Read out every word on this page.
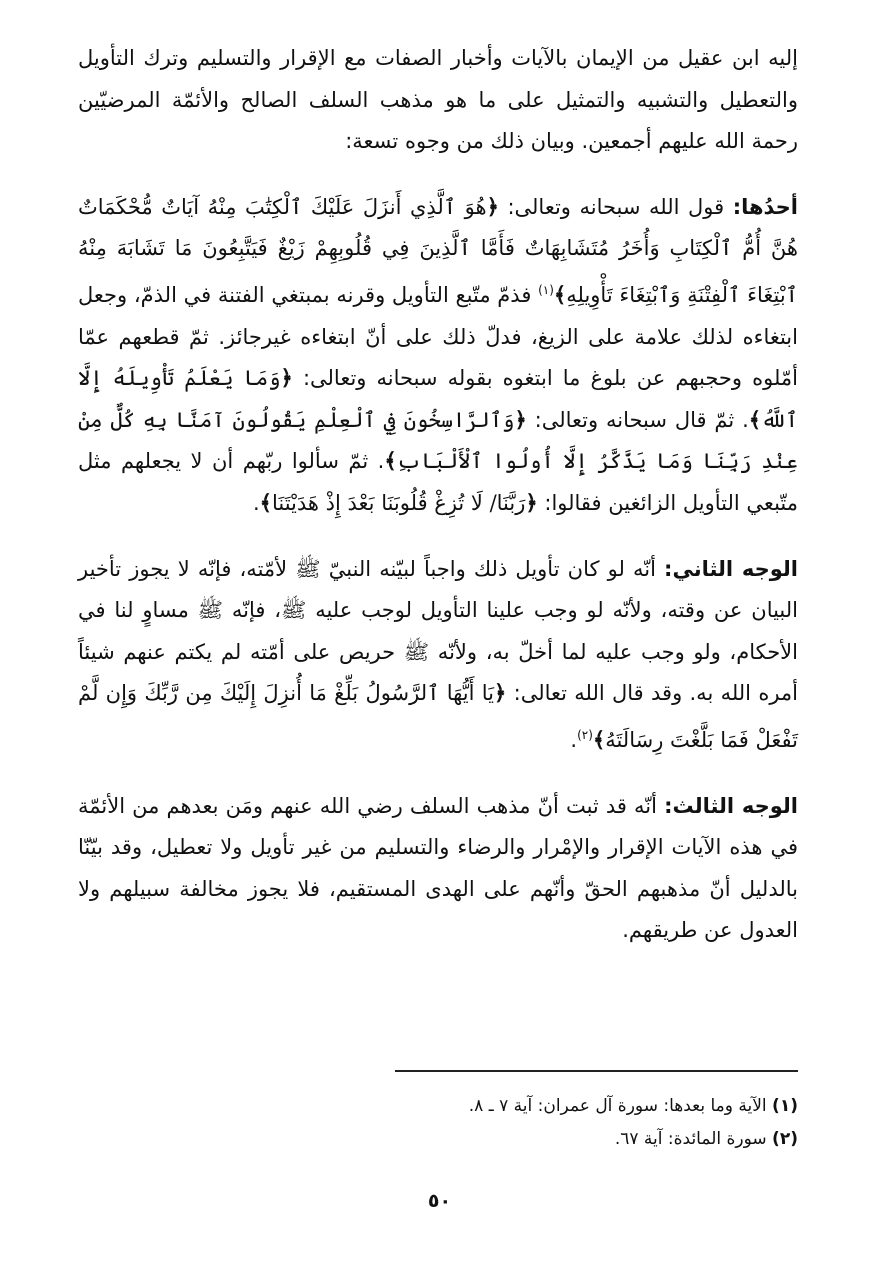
إليه ابن عقيل من الإيمان بالآيات وأخبار الصفات مع الإقرار والتسليم وترك التأويل والتعطيل والتشبيه والتمثيل على ما هو مذهب السلف الصالح والأئمّة المرضيّين رحمة الله عليهم أجمعين. وبيان ذلك من وجوه تسعة:

أحدُها: قول الله سبحانه وتعالى: ﴿هُوَ ٱلَّذِي أَنزَلَ عَلَيْكَ ٱلْكِتَٰبَ مِنْهُ آيَاتٌ مُّحْكَمَاتٌ هُنَّ أُمُّ ٱلْكِتَابِ وَأُخَرُ مُتَشَابِهَاتٌ فَأَمَّا ٱلَّذِينَ فِي قُلُوبِهِمْ زَيْغٌ فَيَتَّبِعُونَ مَا تَشَابَهَ مِنْهُ ٱبْتِغَاءَ ٱلْفِتْنَةِ وَٱبْتِغَاءَ تَأْوِيلِهِ﴾$^{(١)}$ فذمّ متّبع التأويل وقرنه بمبتغي الفتنة في الذمّ، وجعل ابتغاءه لذلك علامة على الزيغ، فدلّ ذلك على أنّ ابتغاءه غيرجائز. ثمّ قطعهم عمّا أمّلوه وحجبهم عن بلوغ ما ابتغوه بقوله سبحانه وتعالى: ﴿وَمَا يَعْلَمُ تَأْوِيلَهُ إِلَّا ٱللَّهُ﴾. ثمّ قال سبحانه وتعالى: ﴿وَٱلرَّاسِخُونَ فِي ٱلْعِلْمِ يَقُولُونَ آمَنَّا بِهِ كُلٌّ مِنْ عِنْدِ رَبِّنَا وَمَا يَذَّكَّرُ إِلَّا أُولُوا ٱلْأَلْبَابِ﴾. ثمّ سألوا ربّهم أن لا يجعلهم مثل متّبعي التأويل الزائغين فقالوا: ﴿رَبَّنَا/ لَا تُزِغْ قُلُوبَنَا بَعْدَ إِذْ هَدَيْتَنَا﴾.

الوجه الثاني: أنّه لو كان تأويل ذلك واجباً لبيّنه النبيّ ﷺ لأمّته، فإنّه لا يجوز تأخير البيان عن وقته، ولأنّه لو وجب علينا التأويل لوجب عليه ﷺ، فإنّه ﷺ مساوٍ لنا في الأحكام، ولو وجب عليه لما أخلّ به، ولأنّه ﷺ حريص على أمّته لم يكتم عنهم شيئاً أمره الله به. وقد قال الله تعالى: ﴿يَا أَيُّهَا ٱلرَّسُولُ بَلِّغْ مَا أُنزِلَ إِلَيْكَ مِن رَّبِّكَ وَإِن لَّمْ تَفْعَلْ فَمَا بَلَّغْتَ رِسَالَتَهُ﴾$^{(٢)}$.

الوجه الثالث: أنّه قد ثبت أنّ مذهب السلف رضي الله عنهم ومَن بعدهم من الأئمّة في هذه الآيات الإقرار والإمْرار والرضاء والتسليم من غير تأويل ولا تعطيل، وقد بيّنّا بالدليل أنّ مذهبهم الحقّ وأنّهم على الهدى المستقيم، فلا يجوز مخالفة سبيلهم ولا العدول عن طريقهم.

(١) الآية وما بعدها: سورة آل عمران: آية ٧ ـ ٨.
(٢) سورة المائدة: آية ٦٧.
٥٠
